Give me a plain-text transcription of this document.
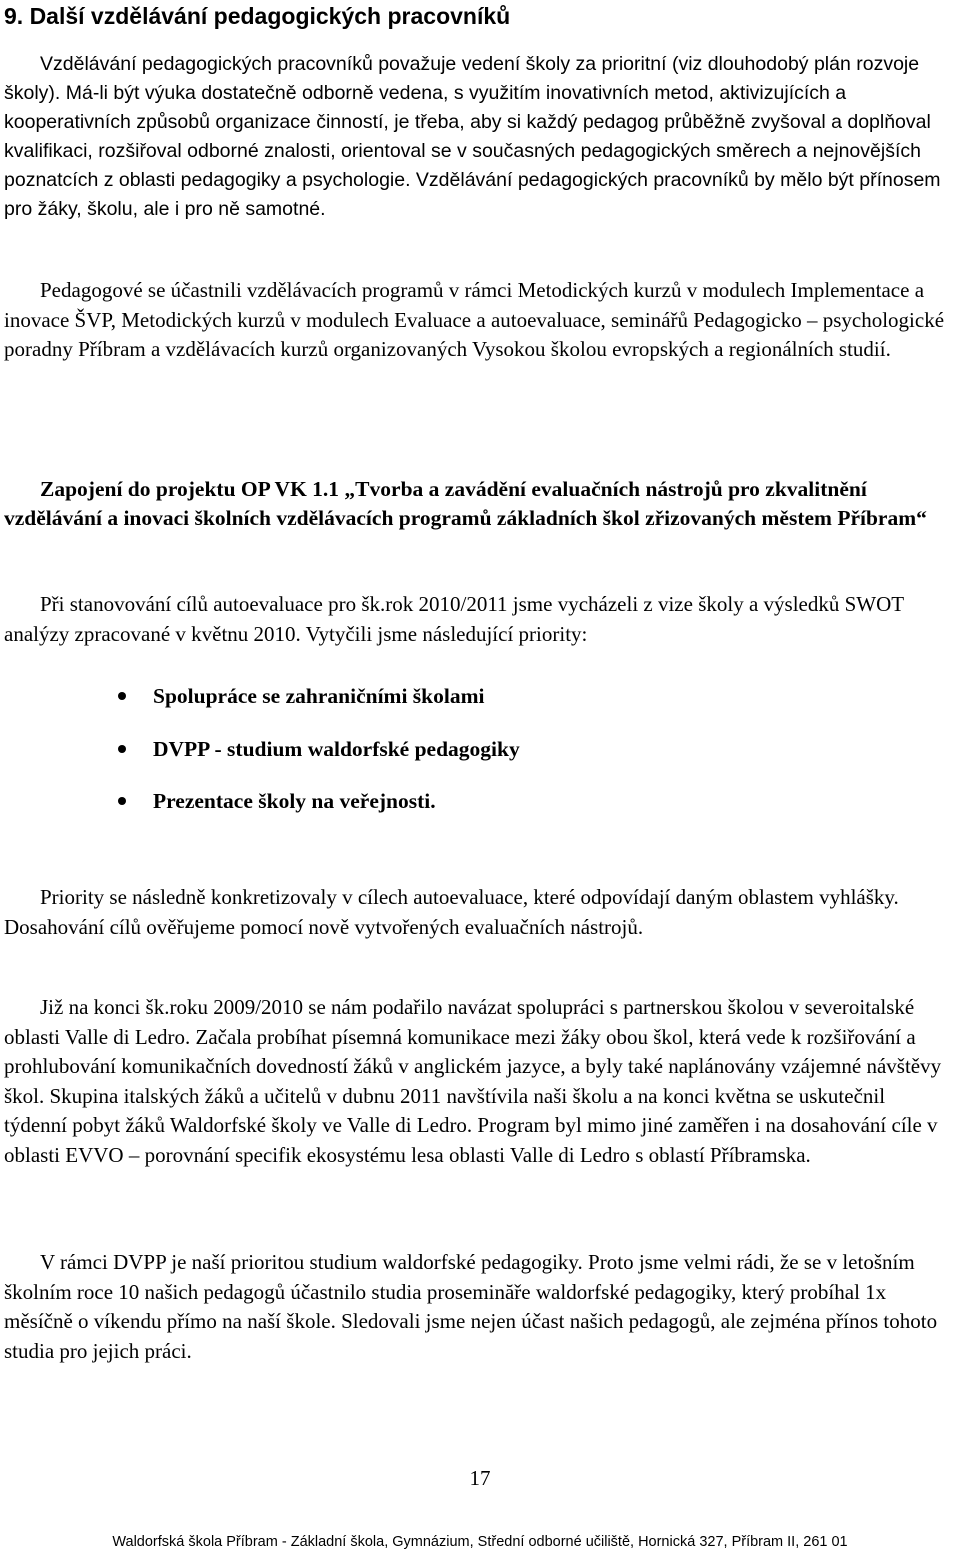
9. Další vzdělávání pedagogických pracovníků

Vzdělávání pedagogických pracovníků považuje vedení školy za prioritní (viz dlouhodobý plán rozvoje školy). Má-li být výuka dostatečně odborně vedena, s využitím inovativních metod, aktivizujících a kooperativních způsobů organizace činností, je třeba, aby si každý pedagog průběžně zvyšoval a doplňoval kvalifikaci, rozšiřoval odborné znalosti, orientoval se v současných pedagogických směrech a nejnovějších poznatcích z oblasti pedagogiky a psychologie. Vzdělávání pedagogických pracovníků by mělo být přínosem pro žáky, školu, ale i pro ně samotné.

Pedagogové se účastnili vzdělávacích programů v rámci Metodických kurzů v modulech Implementace a inovace ŠVP, Metodických kurzů v modulech Evaluace a autoevaluace, seminářů Pedagogicko – psychologické poradny Příbram a vzdělávacích kurzů organizovaných Vysokou školou evropských a regionálních studií.

Zapojení do projektu OP VK 1.1 „Tvorba a zavádění evaluačních nástrojů pro zkvalitnění vzdělávání a inovaci školních vzdělávacích programů základních škol zřizovaných městem Příbram“

Při stanovování cílů autoevaluace pro šk.rok 2010/2011 jsme vycházeli z vize školy a výsledků SWOT analýzy zpracované v květnu 2010. Vytyčili jsme následující priority:

Spolupráce se zahraničními školami
DVPP - studium waldorfské pedagogiky
Prezentace školy na veřejnosti.

Priority se následně konkretizovaly v cílech autoevaluace, které odpovídají daným oblastem vyhlášky. Dosahování cílů ověřujeme pomocí nově vytvořených evaluačních nástrojů.

Již na konci šk.roku 2009/2010 se nám podařilo navázat spolupráci s partnerskou školou v severoitalské oblasti Valle di Ledro. Začala probíhat písemná komunikace mezi žáky obou škol, která vede k rozšiřování a prohlubování komunikačních dovedností žáků v anglickém jazyce, a byly také naplánovány vzájemné návštěvy škol. Skupina italských žáků a učitelů v dubnu 2011 navštívila naši školu a na konci května se uskutečnil týdenní pobyt žáků Waldorfské školy ve Valle di Ledro. Program byl mimo jiné zaměřen i na dosahování cíle v oblasti EVVO – porovnání specifik ekosystému lesa oblasti Valle di Ledro s oblastí Příbramska.

V rámci DVPP je naší prioritou studium waldorfské pedagogiky. Proto jsme velmi rádi, že se v letošním školním roce 10 našich pedagogů účastnilo studia proseminăře waldorfské pedagogiky, který probíhal 1x měsíčně o víkendu přímo na naší škole. Sledovali jsme nejen účast našich pedagogů, ale zejména přínos tohoto studia pro jejich práci.

17
Waldorfská škola Příbram - Základní škola, Gymnázium, Střední odborné učiliště, Hornická 327, Příbram II, 261 01
